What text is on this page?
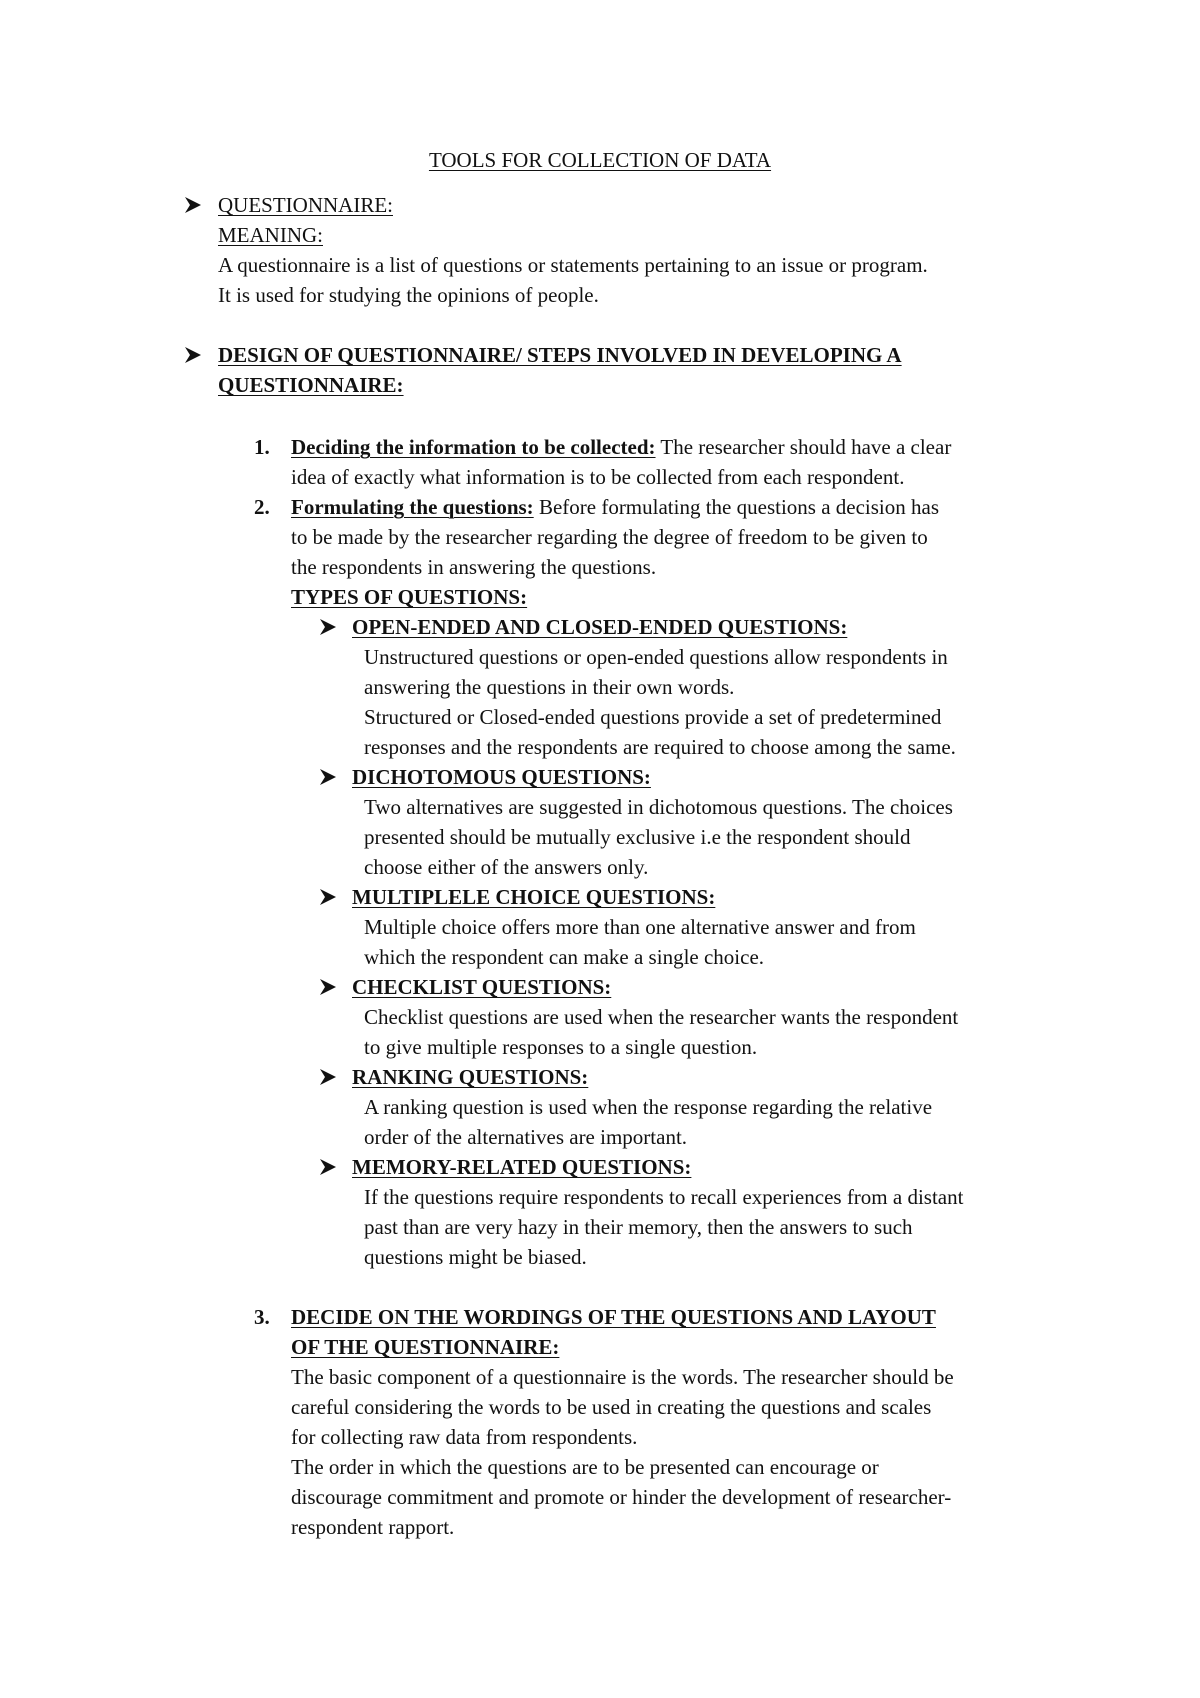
TOOLS FOR COLLECTION OF DATA
QUESTIONNAIRE:
MEANING:
A questionnaire is a list of questions or statements pertaining to an issue or program.
It is used for studying the opinions of people.
DESIGN OF QUESTIONNAIRE/ STEPS INVOLVED IN DEVELOPING A
QUESTIONNAIRE:
1. Deciding the information to be collected: The researcher should have a clear
idea of exactly what information is to be collected from each respondent.
2. Formulating the questions: Before formulating the questions a decision has
to be made by the researcher regarding the degree of freedom to be given to
the respondents in answering the questions.
TYPES OF QUESTIONS:
OPEN-ENDED AND CLOSED-ENDED QUESTIONS:
Unstructured questions or open-ended questions allow respondents in
answering the questions in their own words.
Structured or Closed-ended questions provide a set of predetermined
responses and the respondents are required to choose among the same.
DICHOTOMOUS QUESTIONS:
Two alternatives are suggested in dichotomous questions. The choices
presented should be mutually exclusive i.e the respondent should
choose either of the answers only.
MULTIPLELE CHOICE QUESTIONS:
Multiple choice offers more than one alternative answer and from
which the respondent can make a single choice.
CHECKLIST QUESTIONS:
Checklist questions are used when the researcher wants the respondent
to give multiple responses to a single question.
RANKING QUESTIONS:
A ranking question is used when the response regarding the relative
order of the alternatives are important.
MEMORY-RELATED QUESTIONS:
If the questions require respondents to recall experiences from a distant
past than are very hazy in their memory, then the answers to such
questions might be biased.
3. DECIDE ON THE WORDINGS OF THE QUESTIONS AND LAYOUT
OF THE QUESTIONNAIRE:
The basic component of a questionnaire is the words. The researcher should be
careful considering the words to be used in creating the questions and scales
for collecting raw data from respondents.
The order in which the questions are to be presented can encourage or
discourage commitment and promote or hinder the development of researcher-
respondent rapport.
